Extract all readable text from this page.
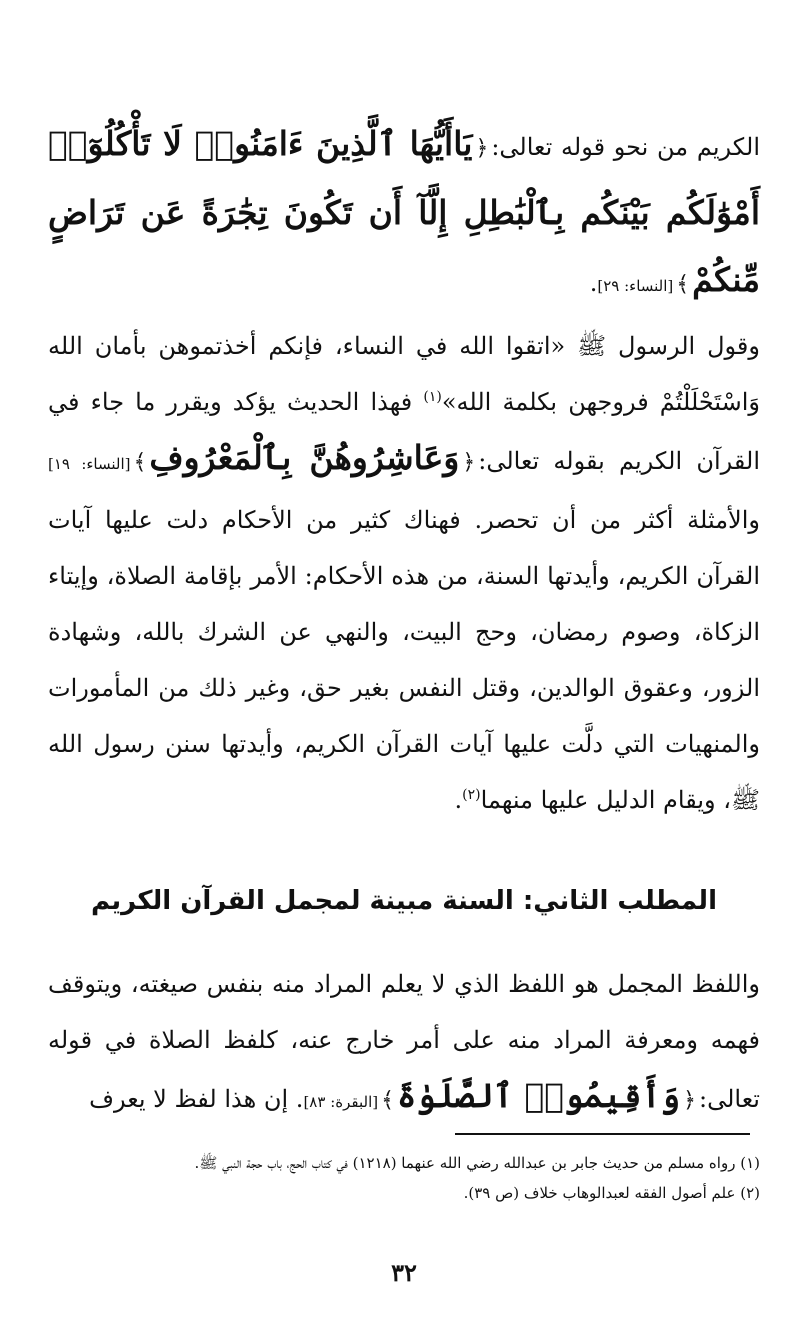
الكريم من نحو قوله تعالى:﴿يَاأَيُّهَا ٱلَّذِينَ ءَامَنُوا۟ لَا تَأْكُلُوٓا۟ أَمْوَٰلَكُم بَيْنَكُم بِٱلْبَٰطِلِ إِلَّآ أَن تَكُونَ تِجَٰرَةً عَن تَرَاضٍ مِّنكُمْ﴾[النساء: ٢٩].

وقول الرسول ﷺ «اتقوا الله في النساء، فإنكم أخذتموهن بأمان الله وَاسْتَحْلَلْتُمْ فروجهن بكلمة الله»$^{(١)}$ فهذا الحديث يؤكد ويقرر ما جاء في القرآن الكريم بقوله تعالى:﴿وَعَاشِرُوهُنَّ بِٱلْمَعْرُوفِ﴾[النساء: ١٩] والأمثلة أكثر من أن تحصر. فهناك كثير من الأحكام دلت عليها آيات القرآن الكريم، وأيدتها السنة، من هذه الأحكام: الأمر بإقامة الصلاة، وإيتاء الزكاة، وصوم رمضان، وحج البيت، والنهي عن الشرك بالله، وشهادة الزور، وعقوق الوالدين، وقتل النفس بغير حق، وغير ذلك من المأمورات والمنهيات التي دلَّت عليها آيات القرآن الكريم، وأيدتها سنن رسول الله ﷺ، ويقام الدليل عليها منهما$^{(٢)}$.

المطلب الثاني: السنة مبينة لمجمل القرآن الكريم

واللفظ المجمل هو اللفظ الذي لا يعلم المراد منه بنفس صيغته، ويتوقف فهمه ومعرفة المراد منه على أمر خارج عنه، كلفظ الصلاة في قوله تعالى:﴿وَأَقِيمُوا۟ ٱلصَّلَوٰةَ﴾[البقرة: ٨٣]. إن هذا لفظ لا يعرف

(١) رواه مسلم من حديث جابر بن عبدالله رضي الله عنهما (١٢١٨) في كتاب الحج، باب حجة النبي ﷺ.

(٢) علم أصول الفقه لعبدالوهاب خلاف (ص ٣٩).

٣٢
